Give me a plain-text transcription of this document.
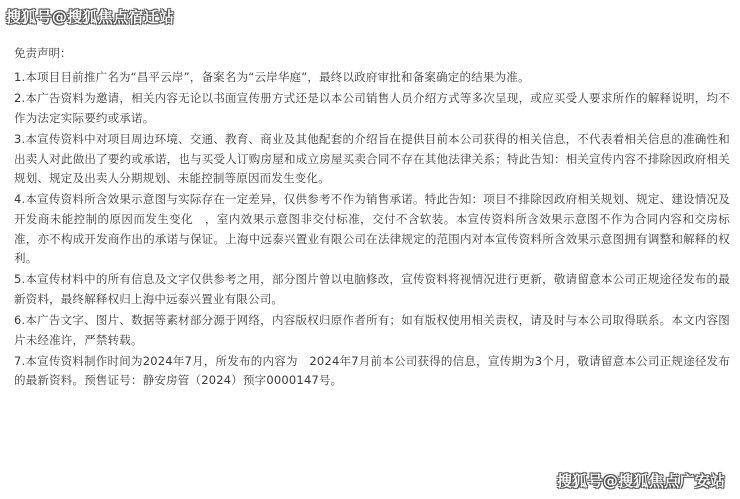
搜狐号@搜狐焦点宿迁站
免责声明：
1.本项目目前推广名为“昌平云岸”，备案名为“云岸华庭”，最终以政府审批和备案确定的结果为准。
2.本广告资料为邀请，相关内容无论以书面宣传册方式还是以本公司销售人员介绍方式等多次呈现，或应买受人要求所作的解释说明，均不作为法定实际要约或承诺。
3.本宣传资料中对项目周边环境、交通、教育、商业及其他配套的介绍旨在提供目前本公司获得的相关信息，不代表着相关信息的准确性和出卖人对此做出了要约或承诺，也与买受人订购房屋和成立房屋买卖合同不存在其他法律关系；特此告知：相关宣传内容不排除因政府相关规划、规定及出卖人分期规划、未能控制等原因而发生变化。
4.本宣传资料所含效果示意图与实际存在一定差异，仅供参考不作为销售承诺。特此告知：项目不排除因政府相关规划、规定、建设情况及开发商未能控制的原因而发生变化　，室内效果示意图非交付标准，交付不含软装。本宣传资料所含效果示意图不作为合同内容和交房标准，亦不构成开发商作出的承诺与保证。上海中远泰兴置业有限公司在法律规定的范围内对本宣传资料所含效果示意图拥有调整和解释的权利。
5.本宣传材料中的所有信息及文字仅供参考之用，部分图片曾以电脑修改，宣传资料将视情况进行更新，敬请留意本公司正规途径发布的最新资料，最终解释权归上海中远泰兴置业有限公司。
6.本广告文字、图片、数据等素材部分源于网络，内容版权归原作者所有；如有版权使用相关责权，请及时与本公司取得联系。本文内容图片未经准许，严禁转载。
7.本宣传资料制作时间为2024年7月，所发布的内容为　2024年7月前本公司获得的信息，宣传期为3个月，敬请留意本公司正规途径发布的最新资料。预售证号：静安房管（2024）预字0000147号。
搜狐号@搜狐焦点广安站
